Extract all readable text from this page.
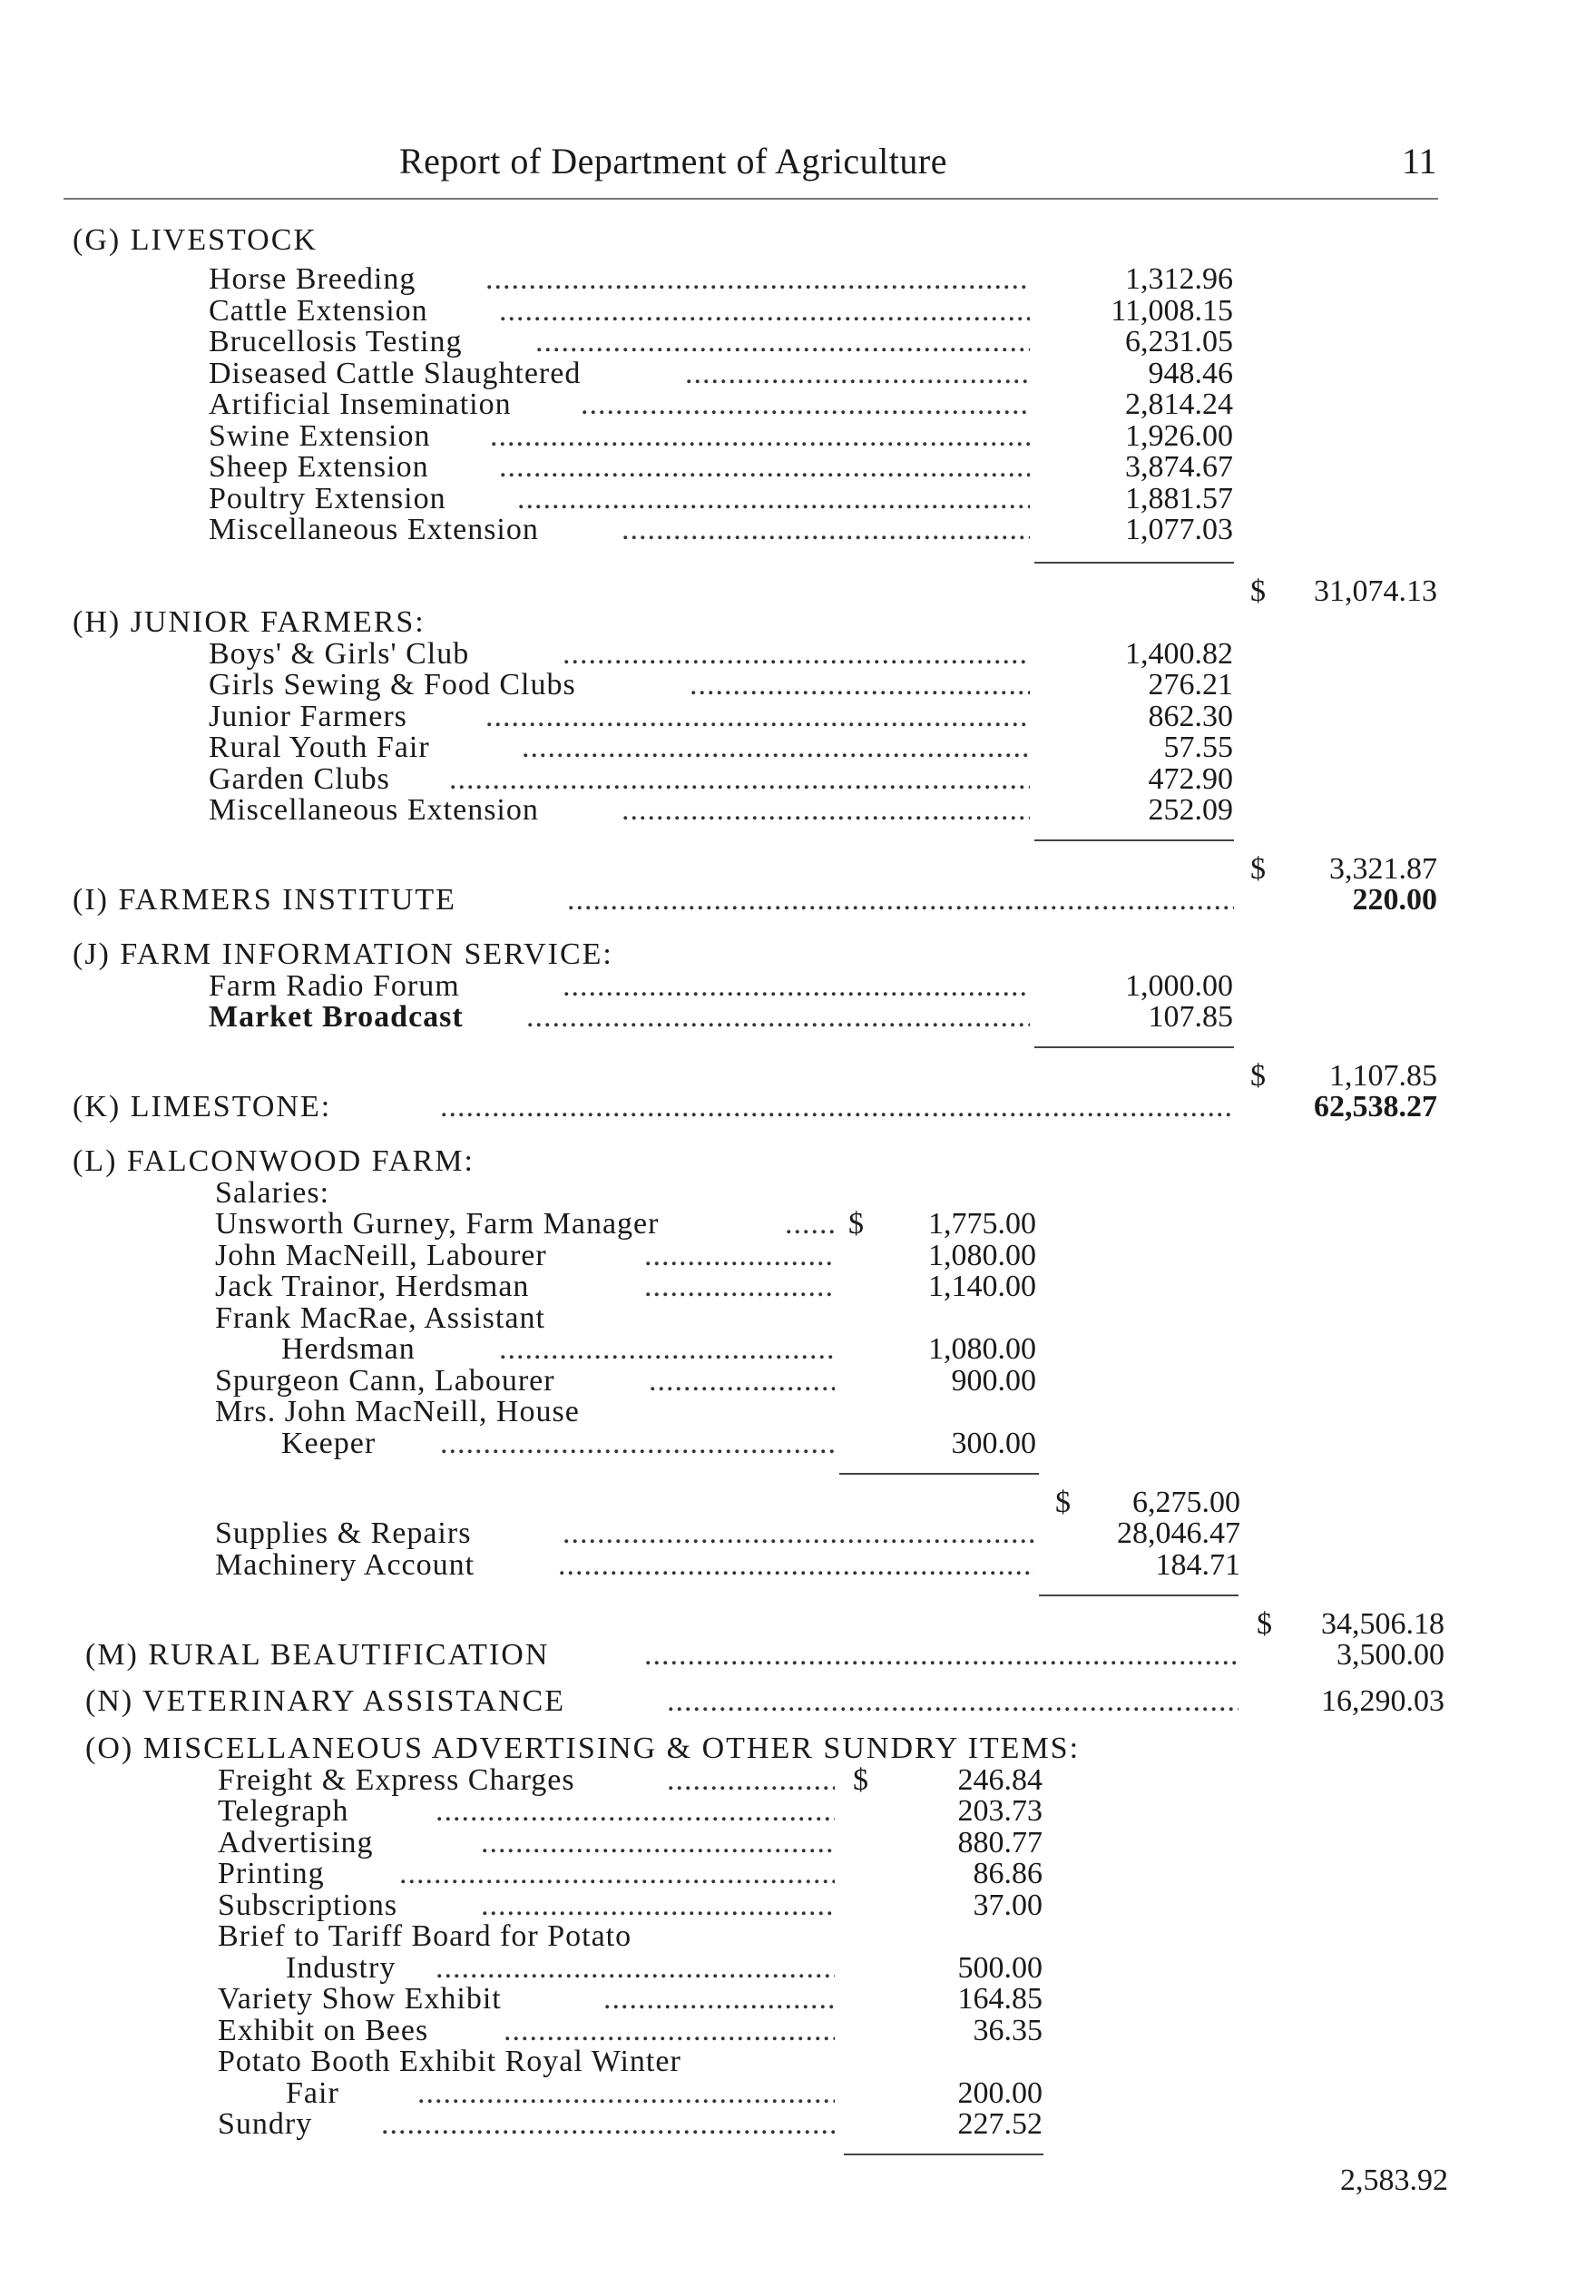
Report of Department of Agriculture	11
(G) LIVESTOCK
Horse Breeding .....	1,312.96
Cattle Extension .....	11,008.15
Brucellosis Testing .....	6,231.05
Diseased Cattle Slaughtered .....	948.46
Artificial Insemination .....	2,814.24
Swine Extension .....	1,926.00
Sheep Extension .....	3,874.67
Poultry Extension .....	1,881.57
Miscellaneous Extension .....	1,077.03
$ 31,074.13
(H) JUNIOR FARMERS:
Boys' & Girls' Club .....	1,400.82
Girls Sewing & Food Clubs .....	276.21
Junior Farmers .....	862.30
Rural Youth Fair .....	57.55
Garden Clubs .....	472.90
Miscellaneous Extension .....	252.09
$ 3,321.87
(I) FARMERS INSTITUTE .....	220.00
(J) FARM INFORMATION SERVICE:
Farm Radio Forum .....	1,000.00
Market Broadcast .....	107.85
$ 1,107.85
(K) LIMESTONE: .....	62,538.27
(L) FALCONWOOD FARM:
Salaries:
Unsworth Gurney, Farm Manager .....	$ 1,775.00
John MacNeill, Labourer .....	1,080.00
Jack Trainor, Herdsman .....	1,140.00
Frank MacRae, Assistant
Herdsman .....	1,080.00
Spurgeon Cann, Labourer .....	900.00
Mrs. John MacNeill, House
Keeper .....	300.00
$ 6,275.00
Supplies & Repairs .....	28,046.47
Machinery Account .....	184.71
$ 34,506.18
(M) RURAL BEAUTIFICATION .....	3,500.00
(N) VETERINARY ASSISTANCE .....	16,290.03
(O) MISCELLANEOUS ADVERTISING & OTHER SUNDRY ITEMS:
Freight & Express Charges .....	$	246.84
Telegraph .....	203.73
Advertising .....	880.77
Printing .....	86.86
Subscriptions .....	37.00
Brief to Tariff Board for Potato
Industry .....	500.00
Variety Show Exhibit .....	164.85
Exhibit on Bees .....	36.35
Potato Booth Exhibit Royal Winter
Fair .....	200.00
Sundry .....	227.52
2,583.92
